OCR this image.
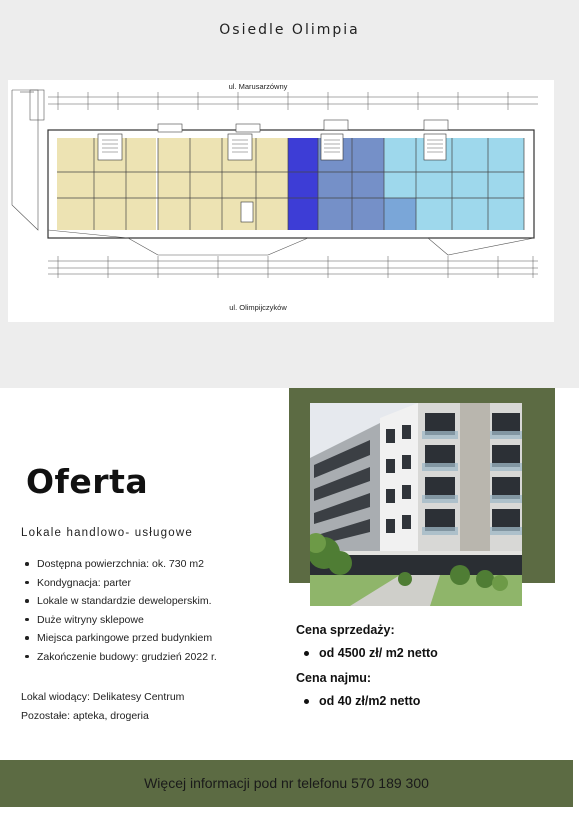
Osiedle Olimpia
ul. Marusarzówny
ul. Olimpijczyków
Oferta
Lokale handlowo- usługowe
Dostępna powierzchnia: ok. 730 m2
Kondygnacja: parter
Lokale w standardzie deweloperskim.
Duże witryny sklepowe
Miejsca parkingowe przed budynkiem
Zakończenie budowy: grudzień 2022 r.
Lokal wiodący: Delikatesy Centrum
Pozostałe: apteka, drogeria
Cena sprzedaży:
od 4500 zł/ m2 netto
Cena najmu:
od 40 zł/m2 netto
Więcej informacji pod nr telefonu 570 189 300
